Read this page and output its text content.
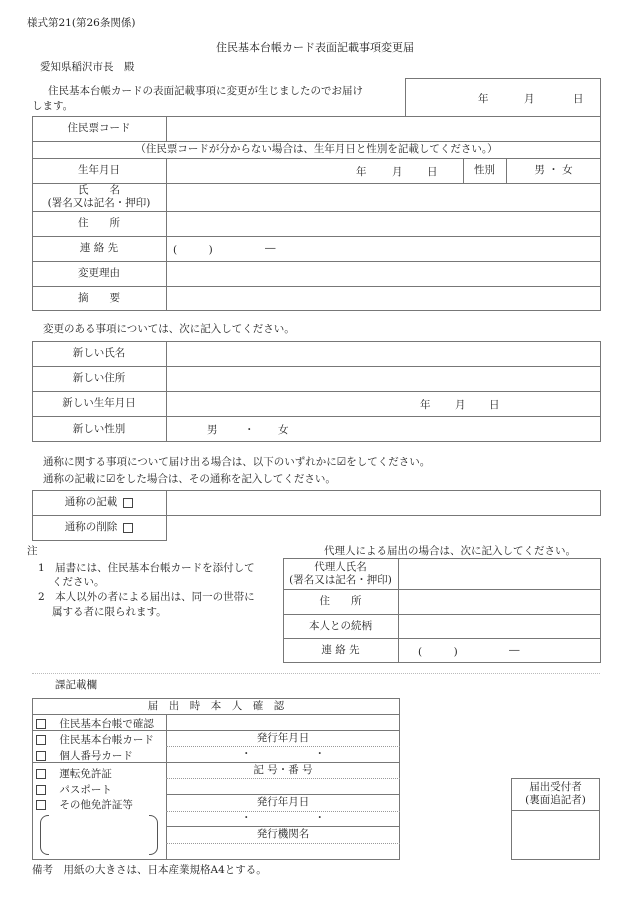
様式第21(第26条関係)
住民基本台帳カード表面記載事項変更届
愛知県稲沢市長　殿
住民基本台帳カードの表面記載事項に変更が生じましたのでお届け
します。
年	月	日
住民票コード
（住民票コードが分からない場合は、生年月日と性別を記載してください。）
生年月日	年 月 日	性別	男 ・ 女
氏　　名
(署名又は記名・押印)
住　　所
連 絡 先	(　　　)	―
変更理由
摘　　要
変更のある事項については、次に記入してください。
新しい氏名
新しい住所
新しい生年月日	年 月 日
新しい性別	男	・ 女
通称に関する事項について届け出る場合は、以下のいずれかに☑をしてください。
通称の記載に☑をした場合は、その通称を記入してください。
通称の記載
通称の削除
注
1　届書には、住民基本台帳カードを添付して
ください。
2　本人以外の者による届出は、同一の世帯に
属する者に限られます。
代理人による届出の場合は、次に記入してください。
代理人氏名
(署名又は記名・押印)
住　　所
本人との続柄
連 絡 先	(　　　)	―
課記載欄
届　出　時　本　人　確　認
住民基本台帳で確認
住民基本台帳カード
個人番号カード
運転免許証
パスポート
その他免許証等
発行年月日
・　　　　　　・
記 号・番 号
発行年月日
・　　　　　　・
発行機関名
届出受付者
(裏面追記者)
備考　用紙の大きさは、日本産業規格A4とする。
